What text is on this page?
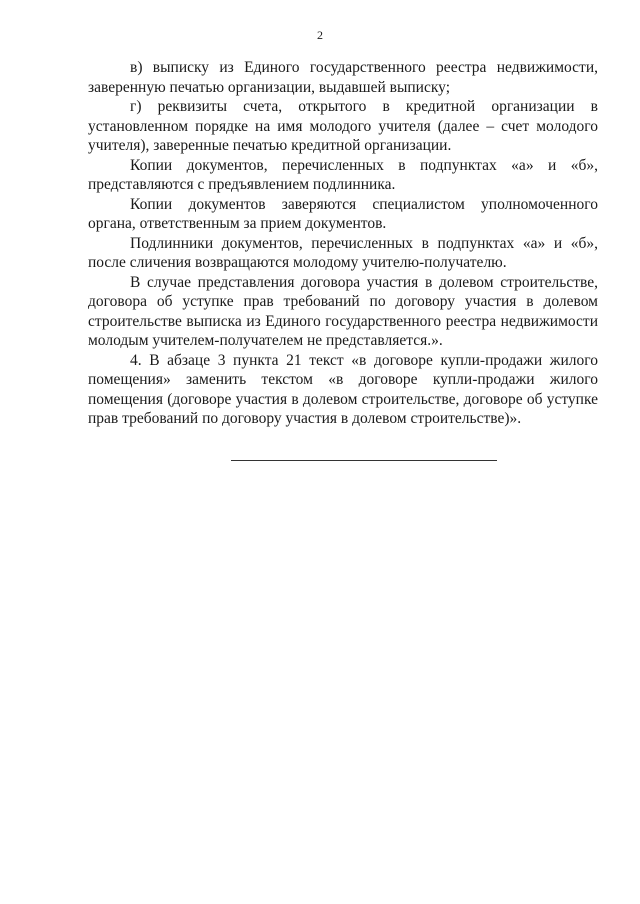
2

в) выписку из Единого государственного реестра недвижимости, заверенную печатью организации, выдавшей выписку;

г) реквизиты счета, открытого в кредитной организации в установленном порядке на имя молодого учителя (далее – счет молодого учителя), заверенные печатью кредитной организации.

Копии документов, перечисленных в подпунктах «а» и «б», представляются с предъявлением подлинника.

Копии документов заверяются специалистом уполномоченного органа, ответственным за прием документов.

Подлинники документов, перечисленных в подпунктах «а» и «б», после сличения возвращаются молодому учителю-получателю.

В случае представления договора участия в долевом строительстве, договора об уступке прав требований по договору участия в долевом строительстве выписка из Единого государственного реестра недвижимости молодым учителем-получателем не представляется.».

4. В абзаце 3 пункта 21 текст «в договоре купли-продажи жилого помещения» заменить текстом «в договоре купли-продажи жилого помещения (договоре участия в долевом строительстве, договоре об уступке прав требований по договору участия в долевом строительстве)».
